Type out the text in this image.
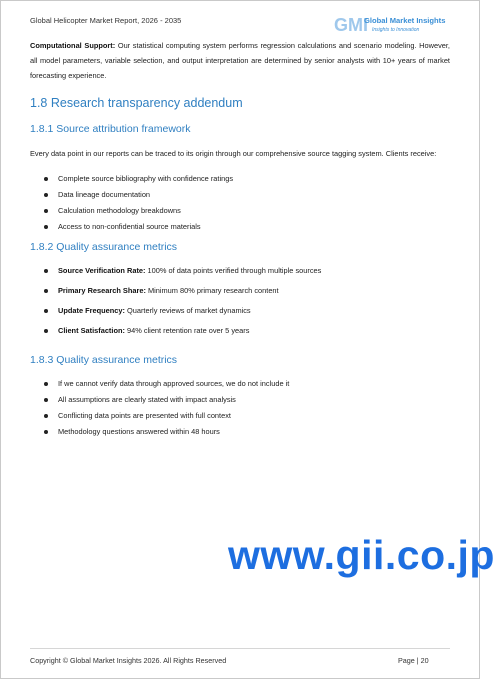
Global Helicopter Market Report, 2026 - 2035	GMI
Global Market Insights
Insights to Innovation
Computational Support: Our statistical computing system performs regression calculations and scenario modeling. However, all model parameters, variable selection, and output interpretation are determined by senior analysts with 10+ years of market forecasting experience.
1.8 Research transparency addendum
1.8.1 Source attribution framework
Every data point in our reports can be traced to its origin through our comprehensive source tagging system. Clients receive:
Complete source bibliography with confidence ratings
Data lineage documentation
Calculation methodology breakdowns
Access to non-confidential source materials
1.8.2 Quality assurance metrics
Source Verification Rate: 100% of data points verified through multiple sources
Primary Research Share: Minimum 80% primary research content
Update Frequency: Quarterly reviews of market dynamics
Client Satisfaction: 94% client retention rate over 5 years
1.8.3 Quality assurance metrics
If we cannot verify data through approved sources, we do not include it
All assumptions are clearly stated with impact analysis
Conflicting data points are presented with full context
Methodology questions answered within 48 hours
www.gii.co.jp
Copyright © Global Market Insights 2026. All Rights Reserved	Page | 20
